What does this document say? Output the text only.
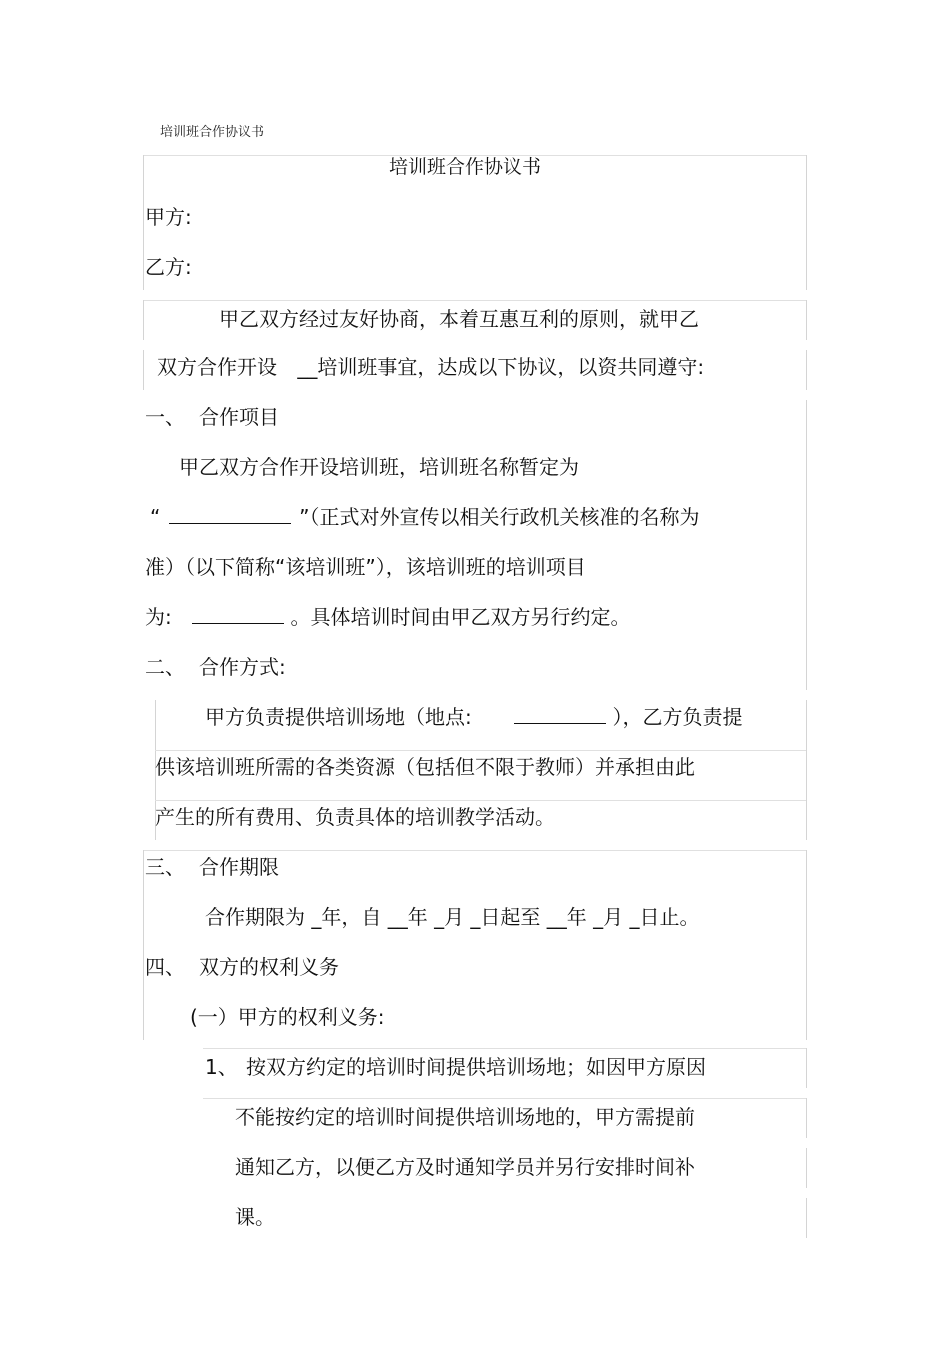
培训班合作协议书
培训班合作协议书
甲方:
乙方:
甲乙双方经过友好协商，本着互惠互利的原则，就甲乙
双方合作开设 __培训班事宜，达成以下协议，以资共同遵守:
一、 合作项目
甲乙双方合作开设培训班，培训班名称暂定为
“	”（正式对外宣传以相关行政机关核准的名称为
准）（以下简称“该培训班”），该培训班的培训项目
为:	。具体培训时间由甲乙双方另行约定。
二、 合作方式:
甲方负责提供培训场地（地点:	），乙方负责提
供该培训班所需的各类资源（包括但不限于教师）并承担由此
产生的所有费用、负责具体的培训教学活动。
三、 合作期限
合作期限为 _年，自 __年 _月 _日起至 __年 _月 _日止。
四、 双方的权利义务
(一）甲方的权利义务:
1、 按双方约定的培训时间提供培训场地；如因甲方原因
不能按约定的培训时间提供培训场地的，甲方需提前
通知乙方，以便乙方及时通知学员并另行安排时间补
课。
